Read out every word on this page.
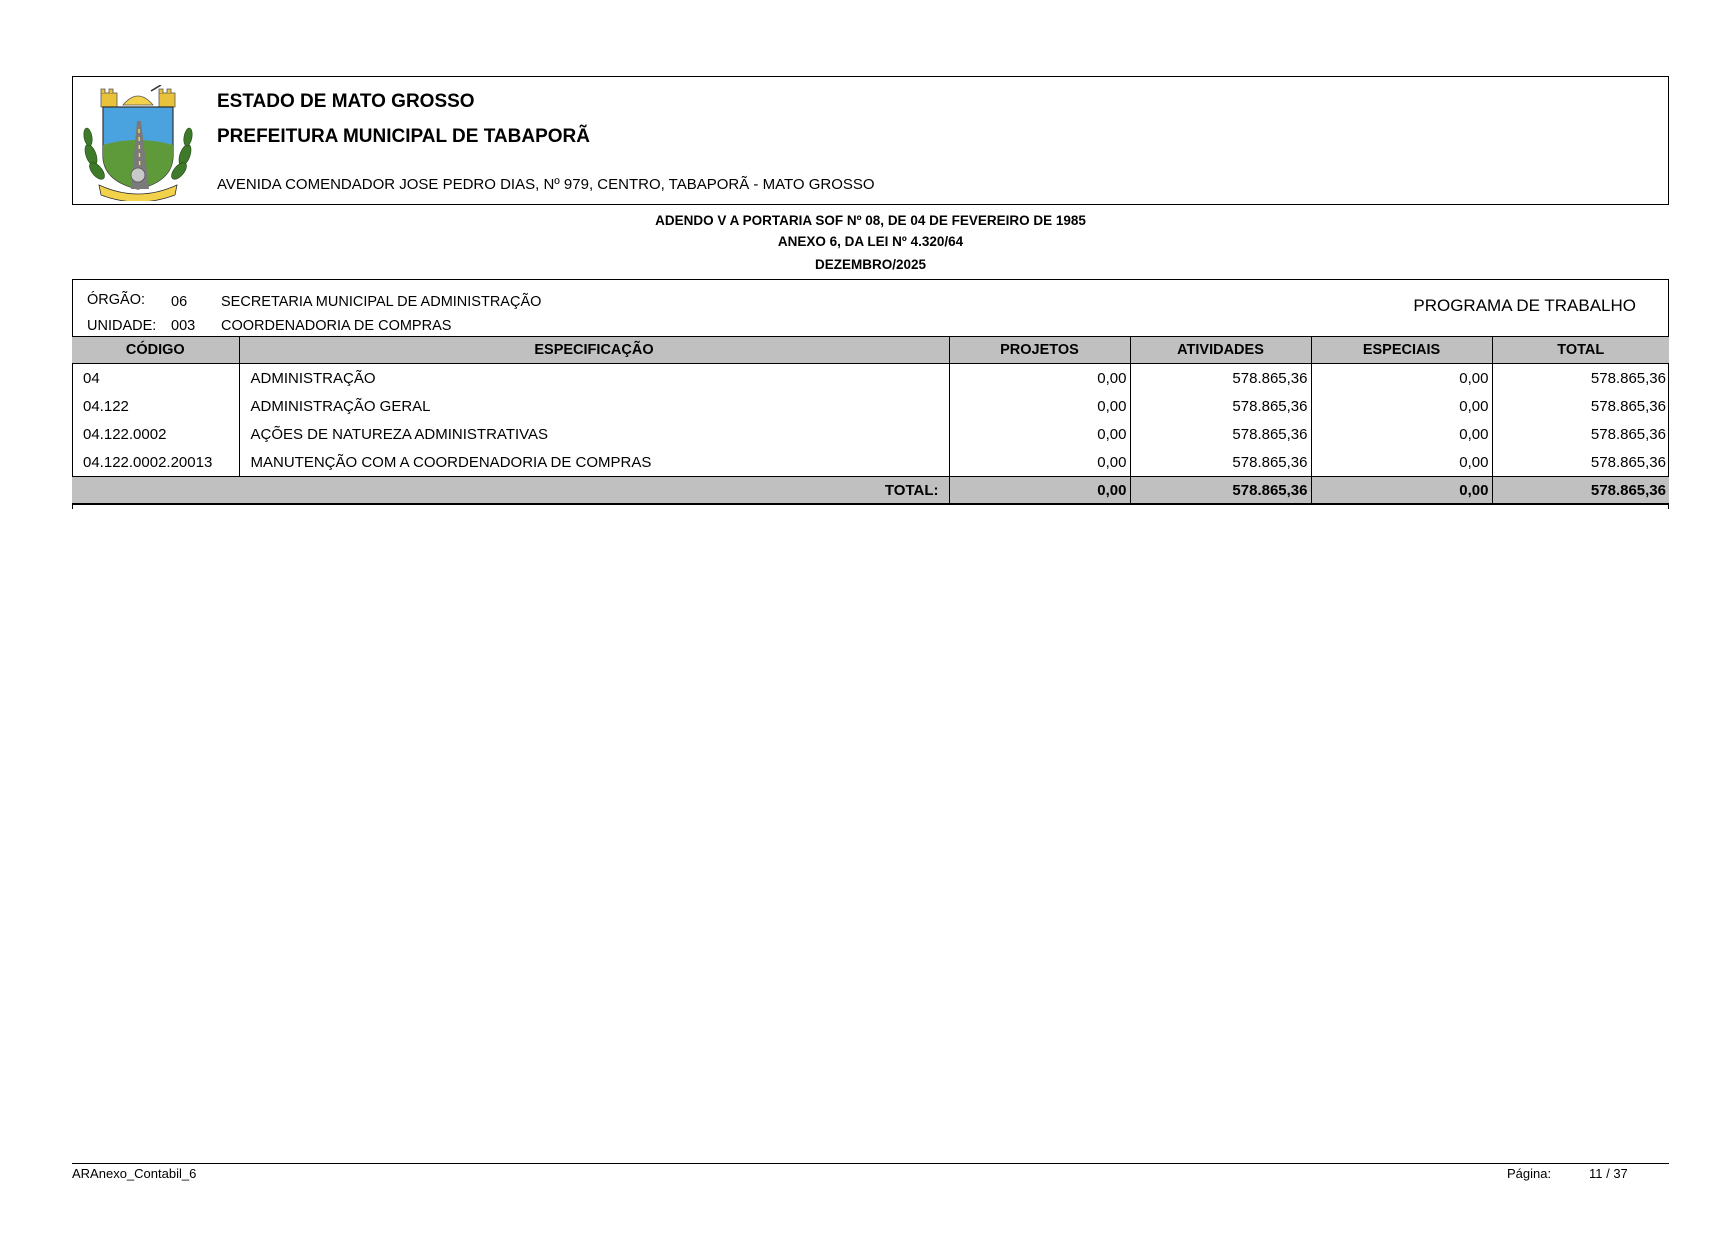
ESTADO DE MATO GROSSO
PREFEITURA MUNICIPAL DE TABAPORÃ
AVENIDA COMENDADOR JOSE PEDRO DIAS, Nº 979, CENTRO, TABAPORÃ - MATO GROSSO
ADENDO V A PORTARIA SOF Nº 08, DE 04 DE FEVEREIRO DE 1985
ANEXO 6, DA LEI Nº 4.320/64
DEZEMBRO/2025
ÓRGÃO: 06 SECRETARIA MUNICIPAL DE ADMINISTRAÇÃO
UNIDADE: 003 COORDENADORIA DE COMPRAS
PROGRAMA DE TRABALHO
CÓDIGO	ESPECIFICAÇÃO	PROJETOS	ATIVIDADES	ESPECIAIS	TOTAL
04	ADMINISTRAÇÃO	0,00	578.865,36	0,00	578.865,36
04.122	ADMINISTRAÇÃO GERAL	0,00	578.865,36	0,00	578.865,36
04.122.0002	AÇÕES DE NATUREZA ADMINISTRATIVAS	0,00	578.865,36	0,00	578.865,36
04.122.0002.20013	MANUTENÇÃO COM A COORDENADORIA DE COMPRAS	0,00	578.865,36	0,00	578.865,36
TOTAL:		0,00	578.865,36	0,00	578.865,36
ARAnexo_Contabil_6	Página:	11 / 37
